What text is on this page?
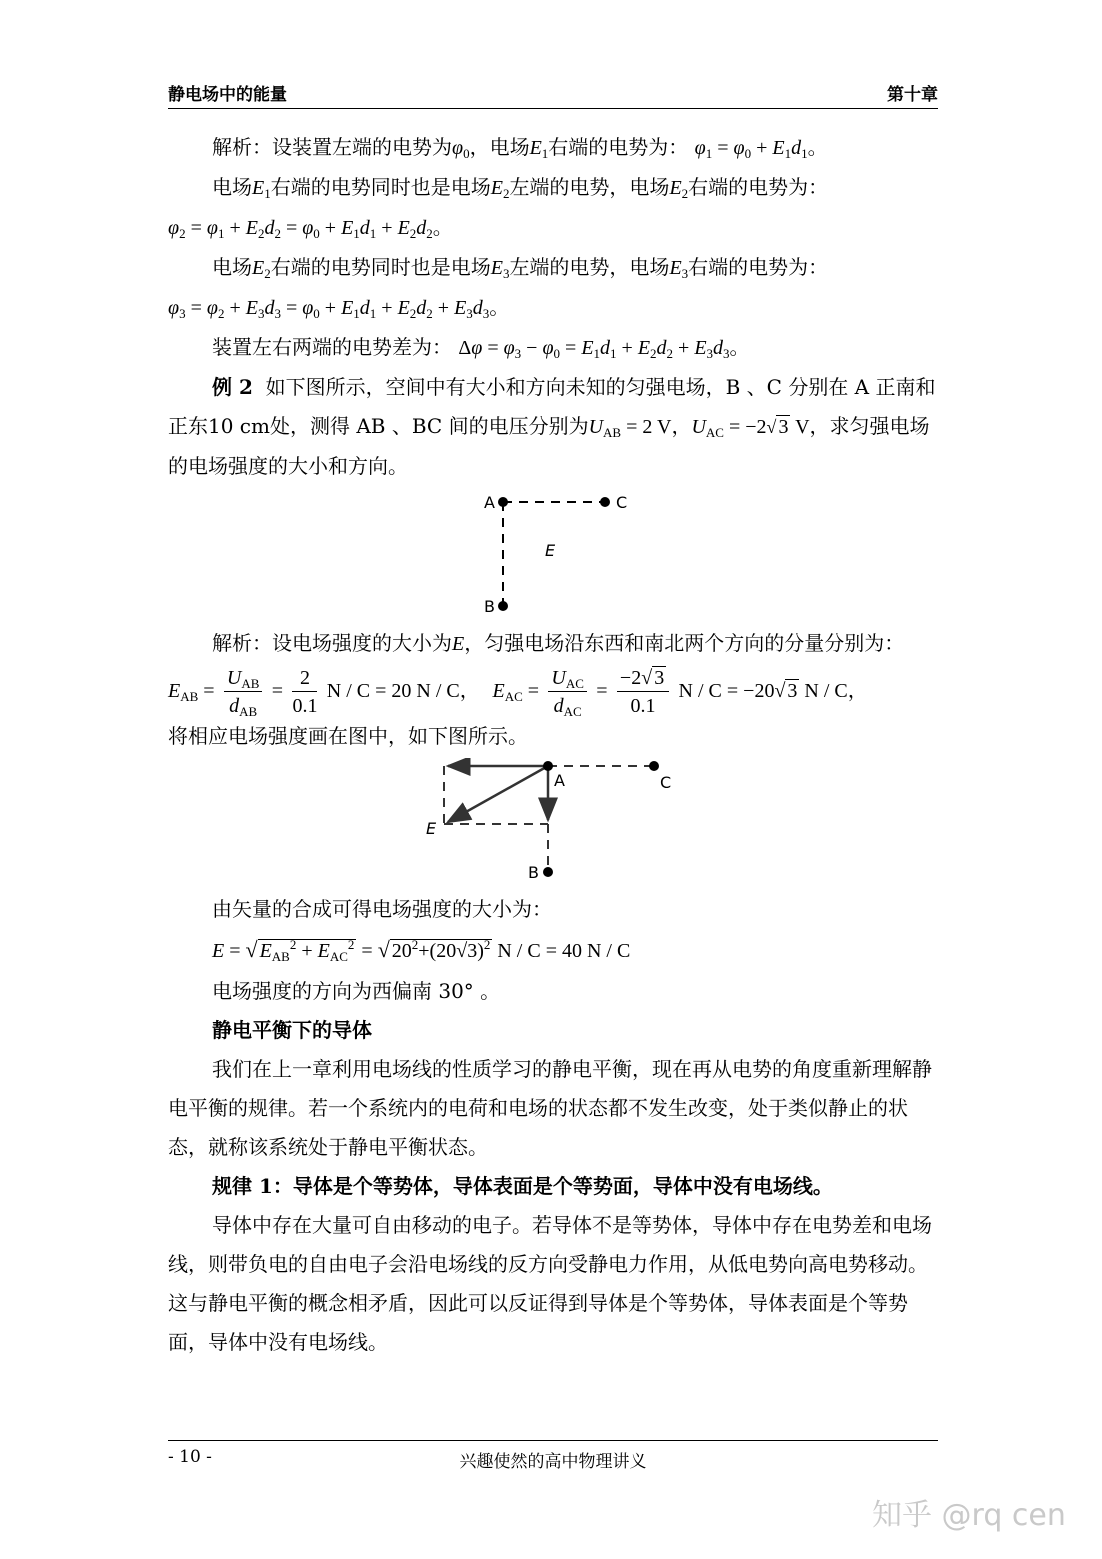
静电场中的能量	第十章

解析：设装置左端的电势为$\varphi_0$，电场$E_1$右端的电势为： $\varphi_1 = \varphi_0 + E_1d_1$。

电场$E_1$右端的电势同时也是电场$E_2$左端的电势，电场$E_2$右端的电势为：

$\varphi_2 = \varphi_1 + E_2d_2 = \varphi_0 + E_1d_1 + E_2d_2$。

电场$E_2$右端的电势同时也是电场$E_3$左端的电势，电场$E_3$右端的电势为：

$\varphi_3 = \varphi_2 + E_3d_3 = \varphi_0 + E_1d_1 + E_2d_2 + E_3d_3$。

装置左右两端的电势差为： $\Delta\varphi = \varphi_3 - \varphi_0 = E_1d_1 + E_2d_2 + E_3d_3$。

例 2 如下图所示，空间中有大小和方向未知的匀强电场，B 、C 分别在 A 正南和正东10 cm处，测得 AB 、BC 间的电压分别为$U_{AB} = 2$ V，$U_{AC} = -2√$ 3 V，求匀强电场的电场强度的大小和方向。

A	C
B
E

解析：设电场强度的大小为E，匀强电场沿东西和南北两个方向的分量分别为：

$E_{AB} = \frac{U_{AB}}{d_{AB}} = \frac{2}{0.1}$ N / C = 20 N / C， $E_{AC} = \frac{U_{AC}}{d_{AC}} = \frac{-2√ 3}{0.1}$ N / C = −20√ 3 N / C，

将相应电场强度画在图中，如下图所示。

A	C
B
E

由矢量的合成可得电场强度的大小为：

E = √ $E_{AB}^2 + E_{AC}^2$ = √ $20^2+(20√3)^2$ N / C = 40 N / C

电场强度的方向为西偏南 30° 。

静电平衡下的导体

我们在上一章利用电场线的性质学习的静电平衡，现在再从电势的角度重新理解静电平衡的规律。若一个系统内的电荷和电场的状态都不发生改变，处于类似静止的状态，就称该系统处于静电平衡状态。

规律 1：导体是个等势体，导体表面是个等势面，导体中没有电场线。

导体中存在大量可自由移动的电子。若导体不是等势体，导体中存在电势差和电场线，则带负电的自由电子会沿电场线的反方向受静电力作用，从低电势向高电势移动。这与静电平衡的概念相矛盾，因此可以反证得到导体是个等势体，导体表面是个等势面，导体中没有电场线。

- 10 -	兴趣使然的高中物理讲义
知乎 @rq cen
